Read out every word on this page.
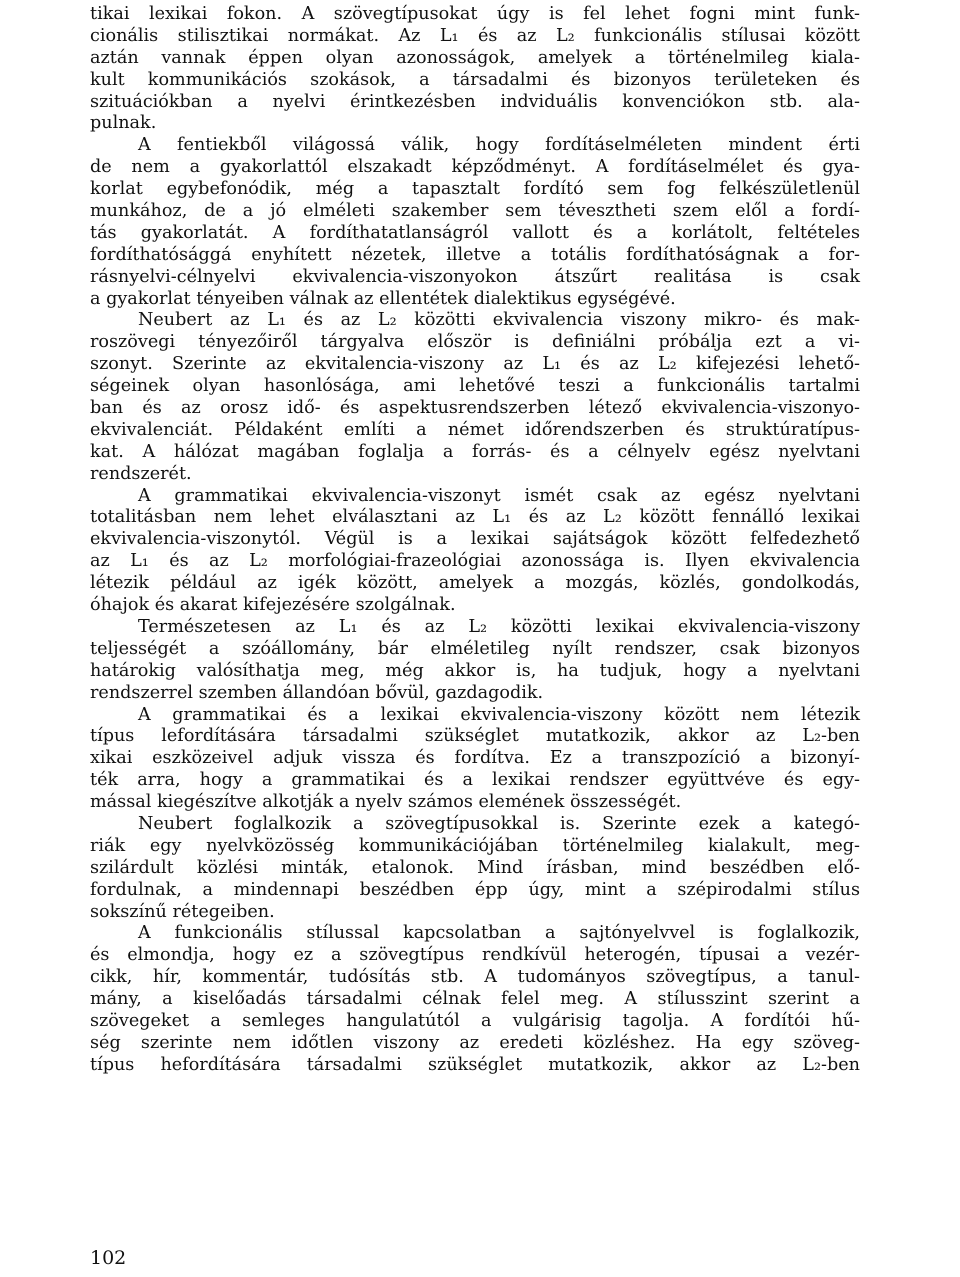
tikai lexikai fokon. A szövegtípusokat úgy is fel lehet fogni mint funk-
cionális stilisztikai normákat. Az L₁ és az L₂ funkcionális stílusai között
aztán vannak éppen olyan azonosságok, amelyek a történelmileg kiala-
kult kommunikációs szokások, a társadalmi és bizonyos területeken és
szituációkban a nyelvi érintkezésben indviduális konvenciókon stb. ala-
pulnak.
A fentiekből világossá válik, hogy fordításelméleten mindent érti
de nem a gyakorlattól elszakadt képződményt. A fordításelmélet és gya-
korlat egybefonódik, még a tapasztalt fordító sem fog felkészületlenül
munkához, de a jó elméleti szakember sem tévesztheti szem elől a fordí-
tás gyakorlatát. A fordíthatatlanságról vallott és a korlátolt, feltételes
fordíthatósággá enyhített nézetek, illetve a totális fordíthatóságnak a for-
rásnyelvi-célnyelvi ekvivalencia-viszonyokon átszűrt realitása is csak
a gyakorlat tényeiben válnak az ellentétek dialektikus egységévé.
Neubert az L₁ és az L₂ közötti ekvivalencia viszony mikro- és mak-
roszövegi tényezőiről tárgyalva először is definiálni próbálja ezt a vi-
szonyt. Szerinte az ekvitalencia-viszony az L₁ és az L₂ kifejezési lehető-
ségeinek olyan hasonlósága, ami lehetővé teszi a funkcionális tartalmi
ban és az orosz idő- és aspektusrendszerben létező ekvivalencia-viszonyo-
ekvivalenciát. Példaként említi a német időrendszerben és struktúratípus-
kat. A hálózat magában foglalja a forrás- és a célnyelv egész nyelvtani
rendszerét.
A grammatikai ekvivalencia-viszonyt ismét csak az egész nyelvtani
totalitásban nem lehet elválasztani az L₁ és az L₂ között fennálló lexikai
ekvivalencia-viszonytól. Végül is a lexikai sajátságok között felfedezhető
az L₁ és az L₂ morfológiai-frazeológiai azonossága is. Ilyen ekvivalencia
létezik például az igék között, amelyek a mozgás, közlés, gondolkodás,
óhajok és akarat kifejezésére szolgálnak.
Természetesen az L₁ és az L₂ közötti lexikai ekvivalencia-viszony
teljességét a szóállomány, bár elméletileg nyílt rendszer, csak bizonyos
határokig valósíthatja meg, még akkor is, ha tudjuk, hogy a nyelvtani
rendszerrel szemben állandóan bővül, gazdagodik.
A grammatikai és a lexikai ekvivalencia-viszony között nem létezik
típus lefordítására társadalmi szükséglet mutatkozik, akkor az L₂-ben
xikai eszközeivel adjuk vissza és fordítva. Ez a transzpozíció a bizonyí-
ték arra, hogy a grammatikai és a lexikai rendszer együttvéve és egy-
mással kiegészítve alkotják a nyelv számos elemének összességét.
Neubert foglalkozik a szövegtípusokkal is. Szerinte ezek a kategó-
riák egy nyelvközösség kommunikációjában történelmileg kialakult, meg-
szilárdult közlési minták, etalonok. Mind írásban, mind beszédben elő-
fordulnak, a mindennapi beszédben épp úgy, mint a szépirodalmi stílus
sokszínű rétegeiben.
A funkcionális stílussal kapcsolatban a sajtónyelvvel is foglalkozik,
és elmondja, hogy ez a szövegtípus rendkívül heterogén, típusai a vezér-
cikk, hír, kommentár, tudósítás stb. A tudományos szövegtípus, a tanul-
mány, a kiselőadás társadalmi célnak felel meg. A stílusszint szerint a
szövegeket a semleges hangulatútól a vulgárisig tagolja. A fordítói hű-
ség szerinte nem időtlen viszony az eredeti közléshez. Ha egy szöveg-
típus hefordítására társadalmi szükséglet mutatkozik, akkor az L₂-ben
102
